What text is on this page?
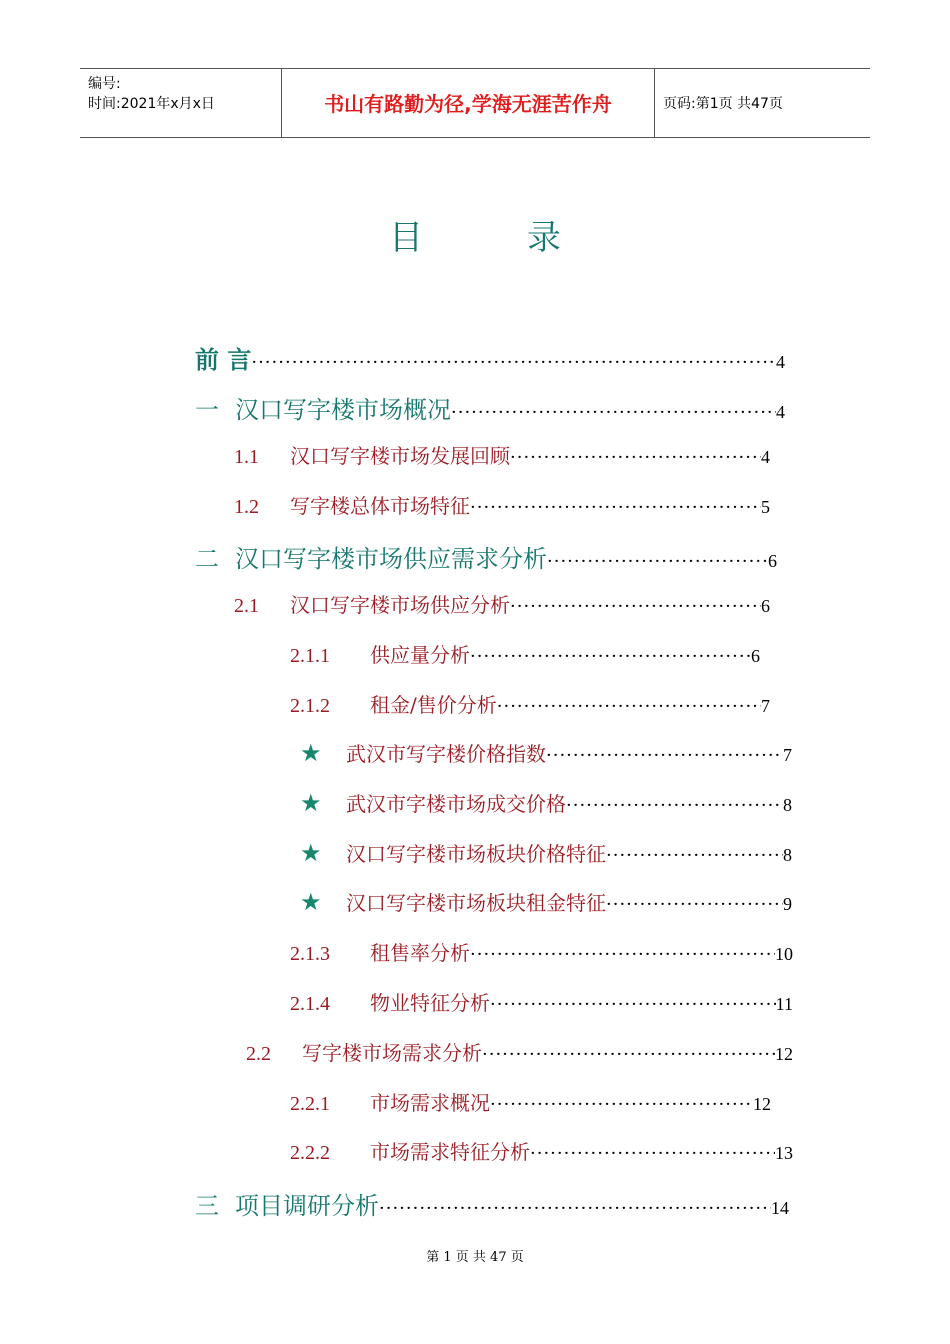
编号:
时间:2021年x月x日	书山有路勤为径,学海无涯苦作舟	页码:第1页 共47页
目录
前 言 ·····	4
一 汉口写字楼市场概况 ·····	4
1.1	汉口写字楼市场发展回顾 ·····	4
1.2	写字楼总体市场特征 ·····	5
二 汉口写字楼市场供应需求分析 ·····	6
2.1	汉口写字楼市场供应分析 ·····	6
2.1.1	供应量分析 ·····	6
2.1.2	租金/售价分析 ·····	7
★	武汉市写字楼价格指数 ·····	7
★	武汉市字楼市场成交价格 ·····	8
★	汉口写字楼市场板块价格特征 ·····	8
★	汉口写字楼市场板块租金特征 ·····	9
2.1.3	租售率分析 ·····	10
2.1.4	物业特征分析 ·····	11
2.2	写字楼市场需求分析 ·····	12
2.2.1	市场需求概况 ·····	12
2.2.2	市场需求特征分析 ·····	13
三 项目调研分析 ·····	14
第 1 页 共 47 页
